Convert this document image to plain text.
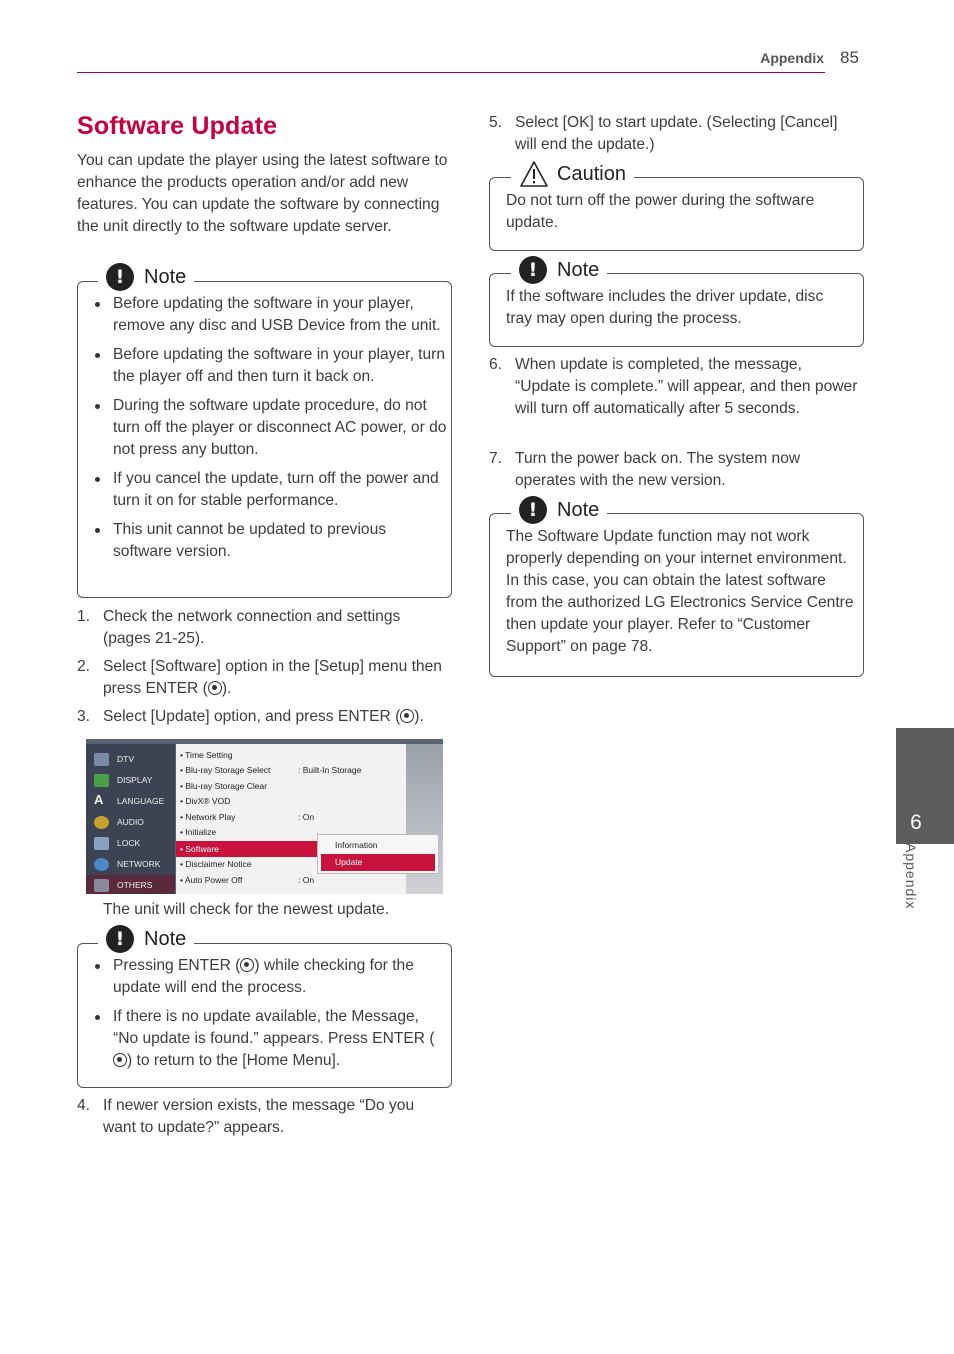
Appendix 85
Software Update
You can update the player using the latest software to enhance the products operation and/or add new features. You can update the software by connecting the unit directly to the software update server.
! Note
Before updating the software in your player, remove any disc and USB Device from the unit.
Before updating the software in your player, turn the player off and then turn it back on.
During the software update procedure, do not turn off the player or disconnect AC power, or do not press any button.
If you cancel the update, turn off the power and turn it on for stable performance.
This unit cannot be updated to previous software version.
1. Check the network connection and settings (pages 21-25).
2. Select [Software] option in the [Setup] menu then press ENTER ( ).
3. Select [Update] option, and press ENTER ( ).
DTV
DISPLAY
A	LANGUAGE
AUDIO
LOCK
NETWORK
OTHERS
• Time Setting
• Blu-ray Storage Select	: Built-In Storage
• Blu-ray Storage Clear
• DivX® VOD
• Network Play	: On
• Initialize
• Software
• Disclaimer Notice
• Auto Power Off	: On
Information
Update
The unit will check for the newest update.
! Note
Pressing ENTER ( ) while checking for the update will end the process.
If there is no update available, the Message, “No update is found.” appears. Press ENTER () to return to the [Home Menu].
4. If newer version exists, the message “Do you want to update?” appears.
5. Select [OK] to start update. (Selecting [Cancel] will end the update.)
Caution
Do not turn off the power during the software update.
! Note
If the software includes the driver update, disc tray may open during the process.
6. When update is completed, the message, “Update is complete.” will appear, and then power will turn off automatically after 5 seconds.
7. Turn the power back on. The system now operates with the new version.
! Note
The Software Update function may not work properly depending on your internet environment. In this case, you can obtain the latest software from the authorized LG Electronics Service Centre then update your player. Refer to “Customer Support” on page 78.
6
Appendix
